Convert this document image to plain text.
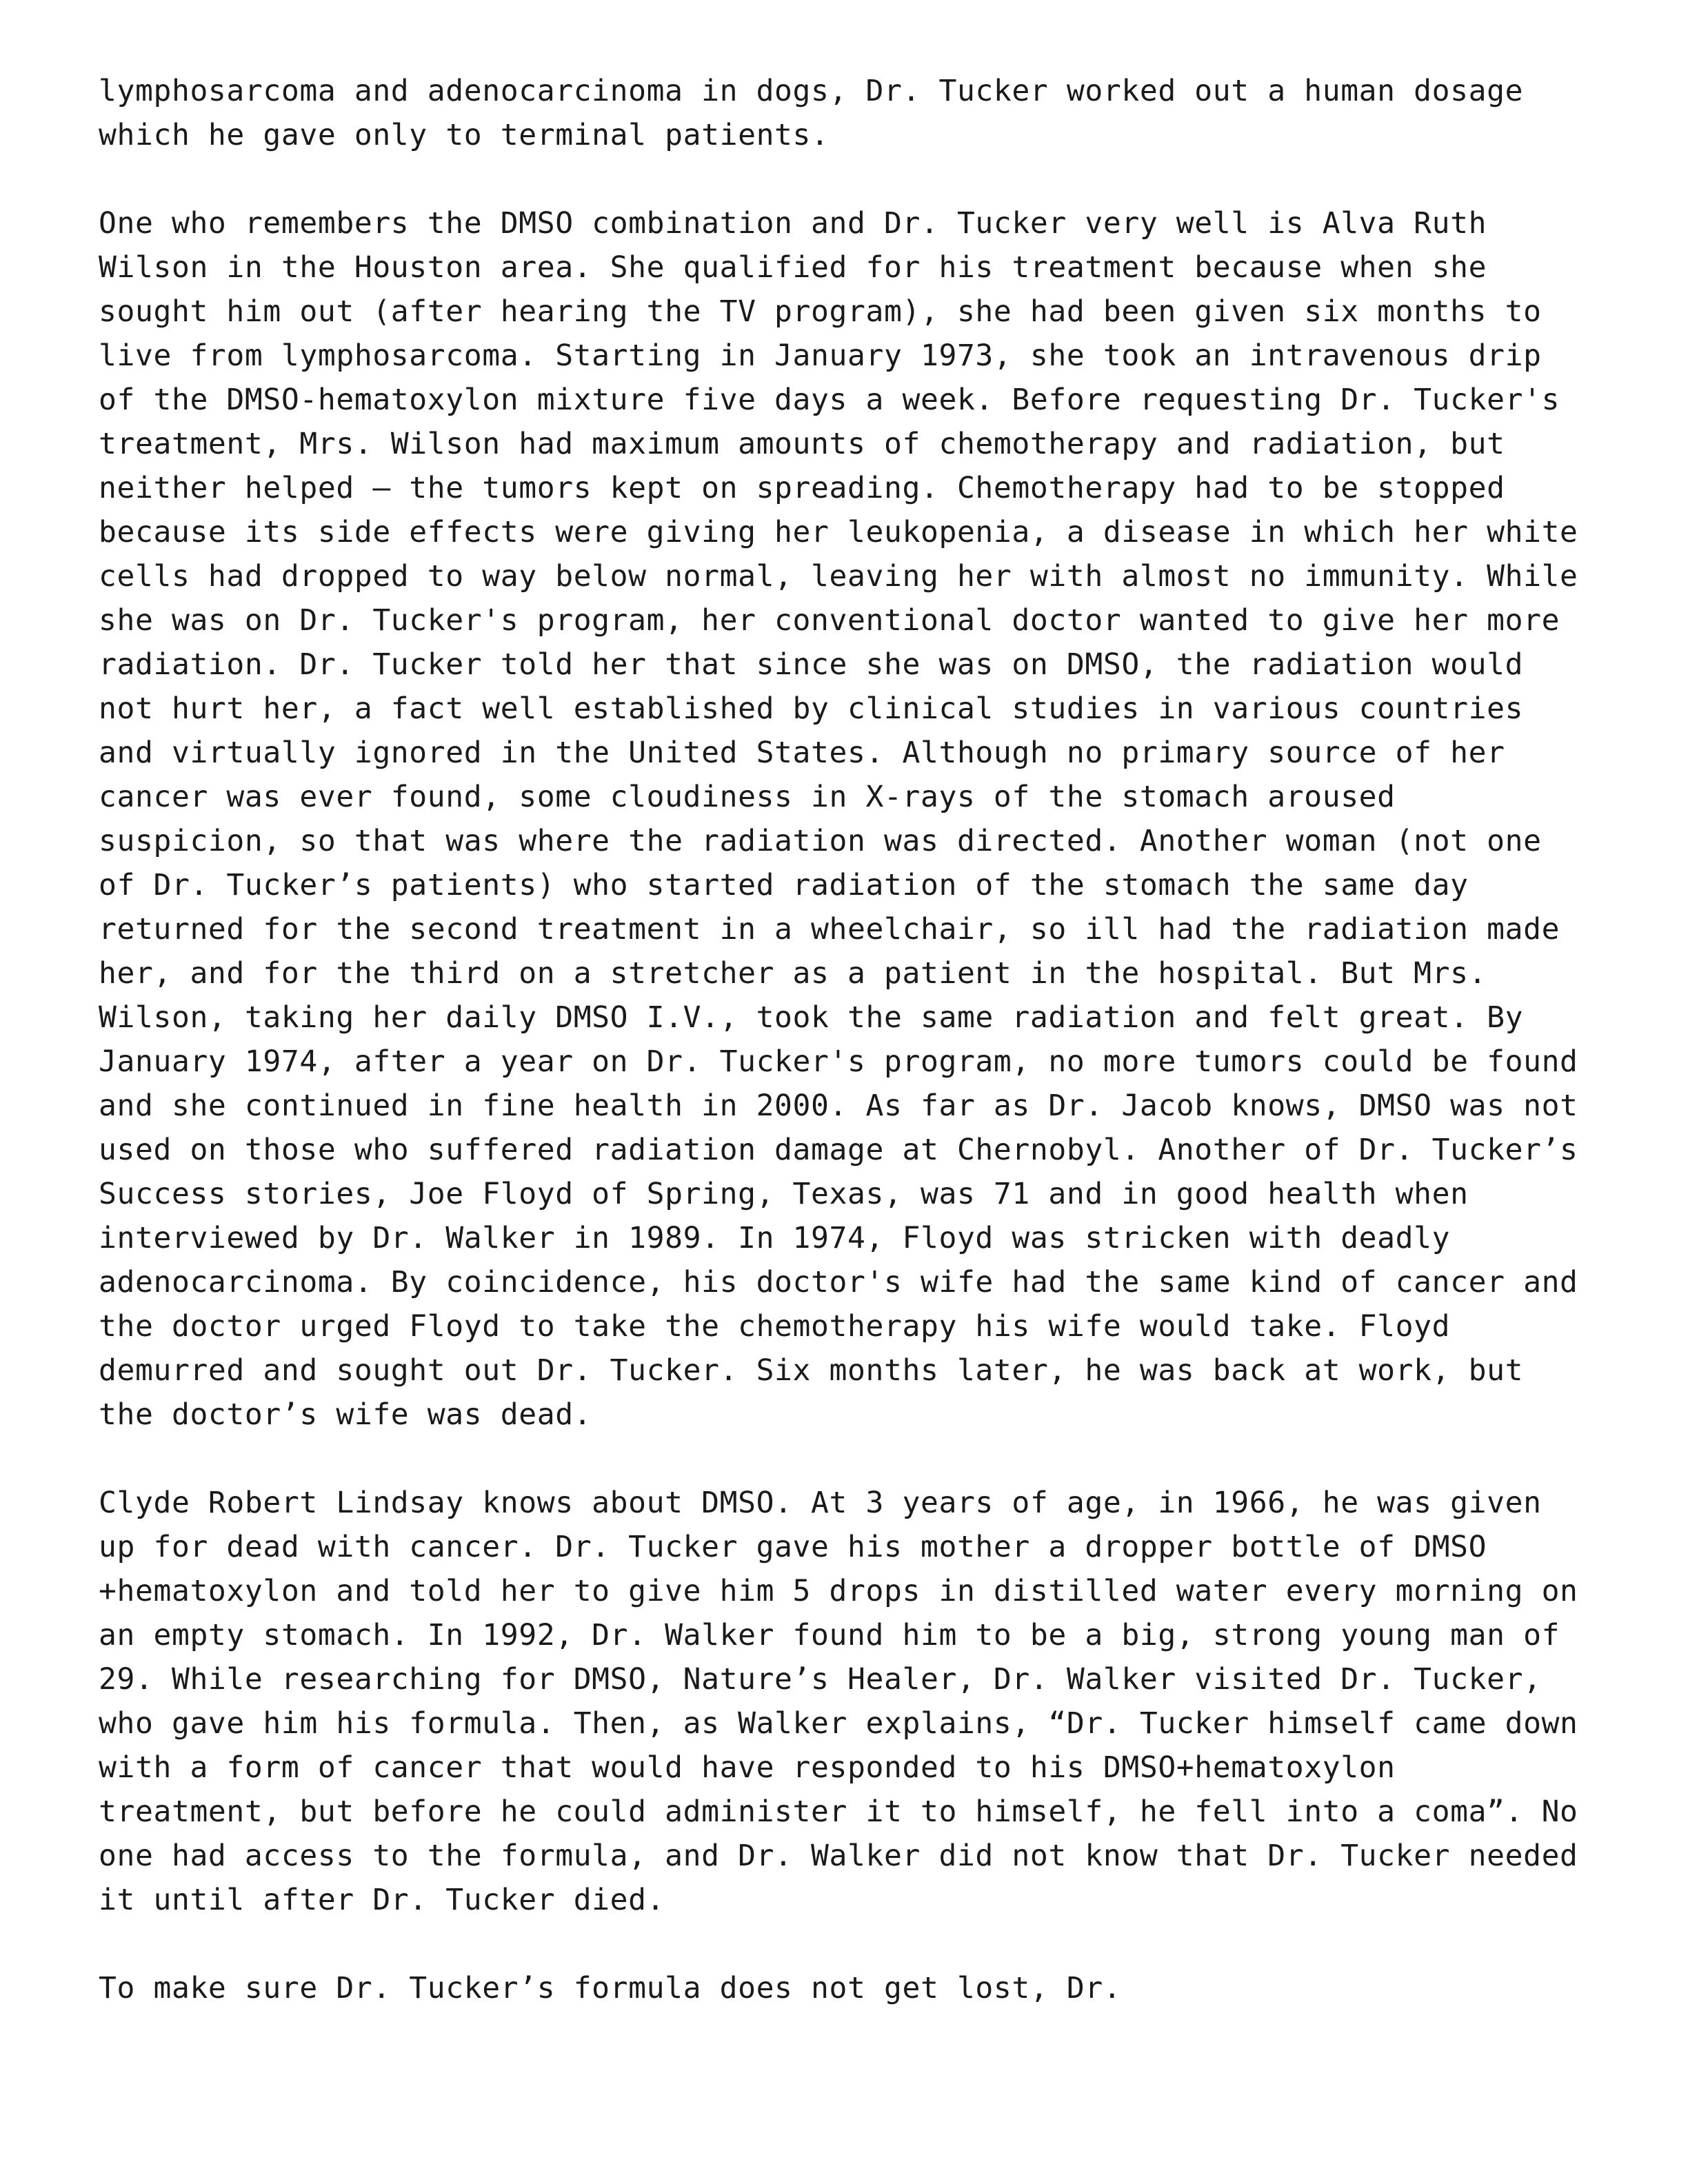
lymphosarcoma and adenocarcinoma in dogs, Dr. Tucker worked out a human dosage
which he gave only to terminal patients.
One who remembers the DMSO combination and Dr. Tucker very well is Alva Ruth
Wilson in the Houston area. She qualified for his treatment because when she
sought him out (after hearing the TV program), she had been given six months to
live from lymphosarcoma. Starting in January 1973, she took an intravenous drip
of the DMSO-hematoxylon mixture five days a week. Before requesting Dr. Tucker's
treatment, Mrs. Wilson had maximum amounts of chemotherapy and radiation, but
neither helped — the tumors kept on spreading. Chemotherapy had to be stopped
because its side effects were giving her leukopenia, a disease in which her white
cells had dropped to way below normal, leaving her with almost no immunity. While
she was on Dr. Tucker's program, her conventional doctor wanted to give her more
radiation. Dr. Tucker told her that since she was on DMSO, the radiation would
not hurt her, a fact well established by clinical studies in various countries
and virtually ignored in the United States. Although no primary source of her
cancer was ever found, some cloudiness in X-rays of the stomach aroused
suspicion, so that was where the radiation was directed. Another woman (not one
of Dr. Tucker’s patients) who started radiation of the stomach the same day
returned for the second treatment in a wheelchair, so ill had the radiation made
her, and for the third on a stretcher as a patient in the hospital. But Mrs.
Wilson, taking her daily DMSO I.V., took the same radiation and felt great. By
January 1974, after a year on Dr. Tucker's program, no more tumors could be found
and she continued in fine health in 2000. As far as Dr. Jacob knows, DMSO was not
used on those who suffered radiation damage at Chernobyl. Another of Dr. Tucker’s
Success stories, Joe Floyd of Spring, Texas, was 71 and in good health when
interviewed by Dr. Walker in 1989. In 1974, Floyd was stricken with deadly
adenocarcinoma. By coincidence, his doctor's wife had the same kind of cancer and
the doctor urged Floyd to take the chemotherapy his wife would take. Floyd
demurred and sought out Dr. Tucker. Six months later, he was back at work, but
the doctor’s wife was dead.
Clyde Robert Lindsay knows about DMSO. At 3 years of age, in 1966, he was given
up for dead with cancer. Dr. Tucker gave his mother a dropper bottle of DMSO
+hematoxylon and told her to give him 5 drops in distilled water every morning on
an empty stomach. In 1992, Dr. Walker found him to be a big, strong young man of
29. While researching for DMSO, Nature’s Healer, Dr. Walker visited Dr. Tucker,
who gave him his formula. Then, as Walker explains, “Dr. Tucker himself came down
with a form of cancer that would have responded to his DMSO+hematoxylon
treatment, but before he could administer it to himself, he fell into a coma”. No
one had access to the formula, and Dr. Walker did not know that Dr. Tucker needed
it until after Dr. Tucker died.
To make sure Dr. Tucker’s formula does not get lost, Dr.
